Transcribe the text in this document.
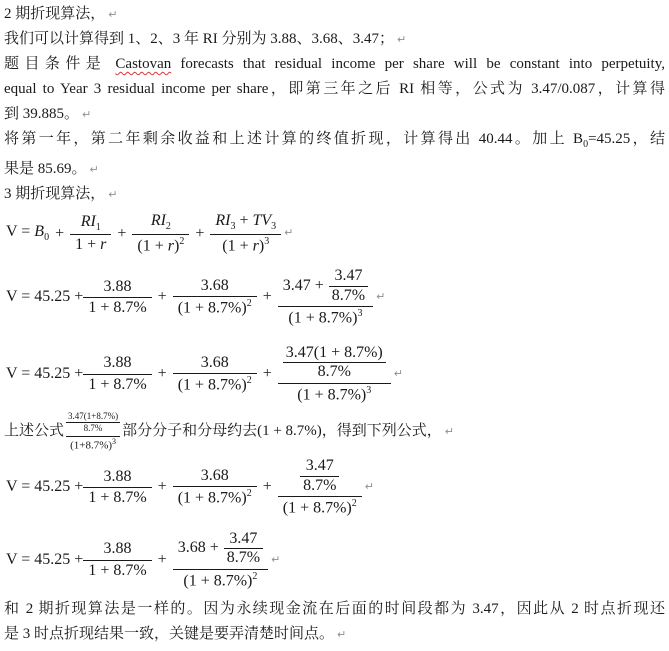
2 期折现算法， ↵
我们可以计算得到 1、2、3 年 RI 分别为 3.88、3.68、3.47； ↵
题目条件是 Castovan forecasts that residual income per share will be constant into perpetuity,
equal to Year 3 residual income per share，即第三年之后 RI 相等，公式为 3.47/0.087，计算得
到 39.885。 ↵
将第一年，第二年剩余收益和上述计算的终值折现，计算得出 40.44。加上 $B_0=45.25$，结
果是 85.69。 ↵
3 期折现算法， ↵
$V = B_0 + \frac{RI_1}{1 + r} + \frac{RI_2}{(1 + r)^2} + \frac{RI_3 + TV_3}{(1 + r)^3}$ ↵
$V = 45.25 + \frac{3.88}{1 + 8.7\%} + \frac{3.68}{(1 + 8.7\%)^2} + \frac{3.47 + \frac{3.47}{8.7\%}}{(1 + 8.7\%)^3}$ ↵
$V = 45.25 + \frac{3.88}{1 + 8.7\%} + \frac{3.68}{(1 + 8.7\%)^2} + \frac{\frac{3.47(1 + 8.7\%)}{8.7\%}}{(1 + 8.7\%)^3}$ ↵
上述公式 $\frac{\frac{3.47(1+8.7\%)}{8.7\%}}{(1+8.7\%)^3}$ 部分分子和分母约去(1 + 8.7%)，得到下列公式， ↵
$V = 45.25 + \frac{3.88}{1 + 8.7\%} + \frac{3.68}{(1 + 8.7\%)^2} + \frac{\frac{3.47}{8.7\%}}{(1 + 8.7\%)^2}$ ↵
$V = 45.25 + \frac{3.88}{1 + 8.7\%} + \frac{3.68 + \frac{3.47}{8.7\%}}{(1 + 8.7\%)^2}$ ↵
和 2 期折现算法是一样的。因为永续现金流在后面的时间段都为 3.47，因此从 2 时点折现还
是 3 时点折现结果一致，关键是要弄清楚时间点。 ↵
